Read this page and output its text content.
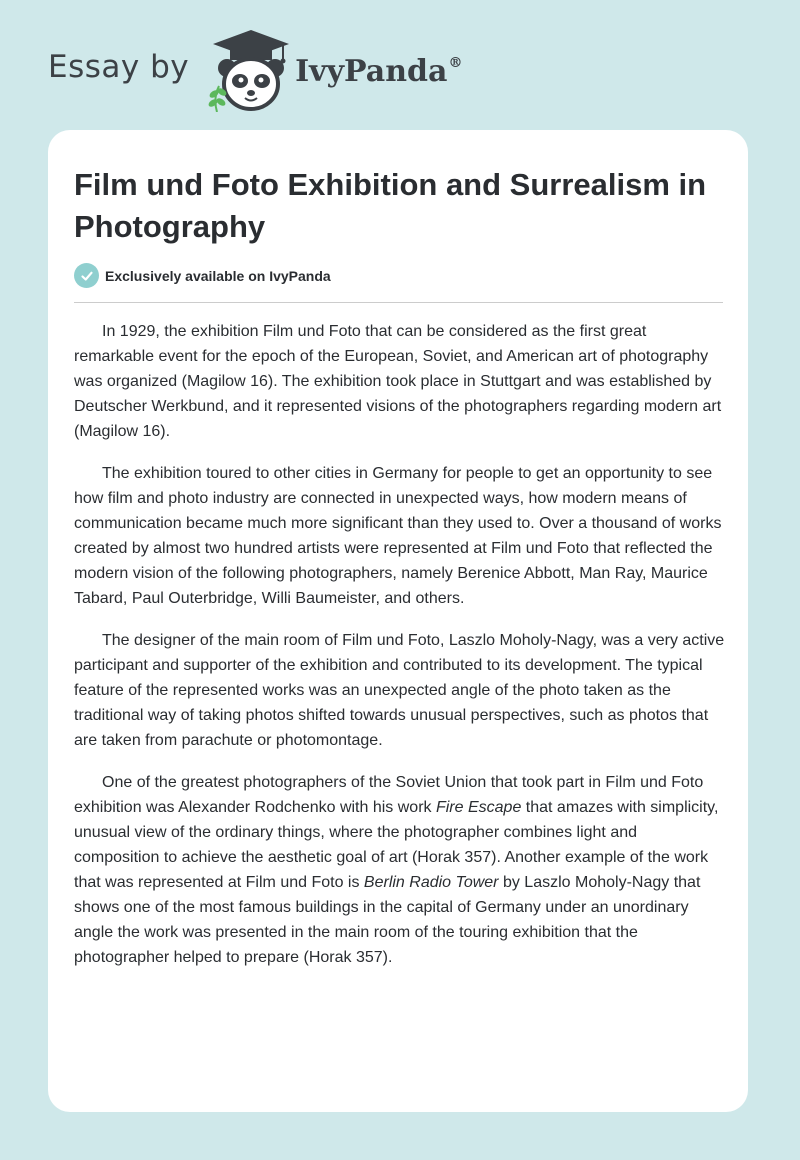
Essay by	IvyPanda®
Film und Foto Exhibition and Surrealism in Photography
Exclusively available on IvyPanda

In 1929, the exhibition Film und Foto that can be considered as the first great remarkable event for the epoch of the European, Soviet, and American art of photography was organized (Magilow 16). The exhibition took place in Stuttgart and was established by Deutscher Werkbund, and it represented visions of the photographers regarding modern art (Magilow 16).

The exhibition toured to other cities in Germany for people to get an opportunity to see how film and photo industry are connected in unexpected ways, how modern means of communication became much more significant than they used to. Over a thousand of works created by almost two hundred artists were represented at Film und Foto that reflected the modern vision of the following photographers, namely Berenice Abbott, Man Ray, Maurice Tabard, Paul Outerbridge, Willi Baumeister, and others.

The designer of the main room of Film und Foto, Laszlo Moholy-Nagy, was a very active participant and supporter of the exhibition and contributed to its development. The typical feature of the represented works was an unexpected angle of the photo taken as the traditional way of taking photos shifted towards unusual perspectives, such as photos that are taken from parachute or photomontage.

One of the greatest photographers of the Soviet Union that took part in Film und Foto exhibition was Alexander Rodchenko with his work Fire Escape that amazes with simplicity, unusual view of the ordinary things, where the photographer combines light and composition to achieve the aesthetic goal of art (Horak 357). Another example of the work that was represented at Film und Foto is Berlin Radio Tower by Laszlo Moholy-Nagy that shows one of the most famous buildings in the capital of Germany under an unordinary angle the work was presented in the main room of the touring exhibition that the photographer helped to prepare (Horak 357).
